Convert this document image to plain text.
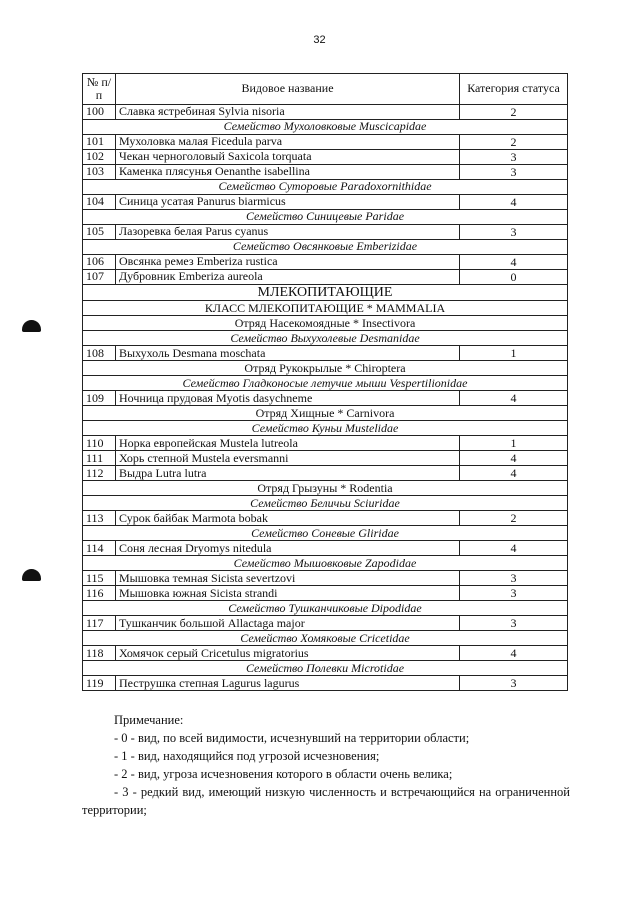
32
№ п/п	Видовое название	Категория статуса
100	Славка ястребиная Sylvia nisoria	2
Семейство Мухоловковые Muscicapidae		
101	Мухоловка малая Ficedula parva	2
102	Чекан черноголовый Saxicola torquata	3
103	Каменка плясунья Oenanthe isabellina	3
Семейство Суторовые Paradoxornithidae		
104	Синица усатая Panurus biarmicus	4
Семейство Синицевые Paridae		
105	Лазоревка белая Parus cyanus	3
Семейство Овсянковые Emberizidae		
106	Овсянка ремез Emberiza rustica	4
107	Дубровник Emberiza aureola	0
МЛЕКОПИТАЮЩИЕ		
КЛАСС МЛЕКОПИТАЮЩИЕ * MAMMALIA		
Отряд Насекомоядные * Insectivora		
Семейство Выхухолевые Desmanidae		
108	Выхухоль Desmana moschata	1
Отряд Рукокрылые * Chiroptera		
Семейство Гладконосые летучие мыши Vespertilionidae		
109	Ночница прудовая Myotis dasychneme	4
Отряд Хищные * Carnivora		
Семейство Куньи Mustelidae		
110	Норка европейская Mustela lutreola	1
111	Хорь степной Mustela eversmanni	4
112	Выдра Lutra lutra	4
Отряд Грызуны * Rodentia		
Семейство Беличьи Sciuridae		
113	Сурок байбак Marmota bobak	2
Семейство Соневые Gliridae		
114	Соня лесная Dryomys nitedula	4
Семейство Мышовковые Zapodidae		
115	Мышовка темная Sicista severtzovi	3
116	Мышовка южная Sicista strandi	3
Семейство Тушканчиковые Dipodidae		
117	Тушканчик большой Allactaga major	3
Семейство Хомяковые Cricetidae		
118	Хомячок серый Cricetulus migratorius	4
Семейство Полевки Microtidae		
119	Пеструшка степная Lagurus lagurus	3

Примечание:

- 0 - вид, по всей видимости, исчезнувший на территории области;

- 1 - вид, находящийся под угрозой исчезновения;

- 2 - вид, угроза исчезновения которого в области очень велика;

- 3 - редкий вид, имеющий низкую численность и встречающийся на ограниченной территории;
